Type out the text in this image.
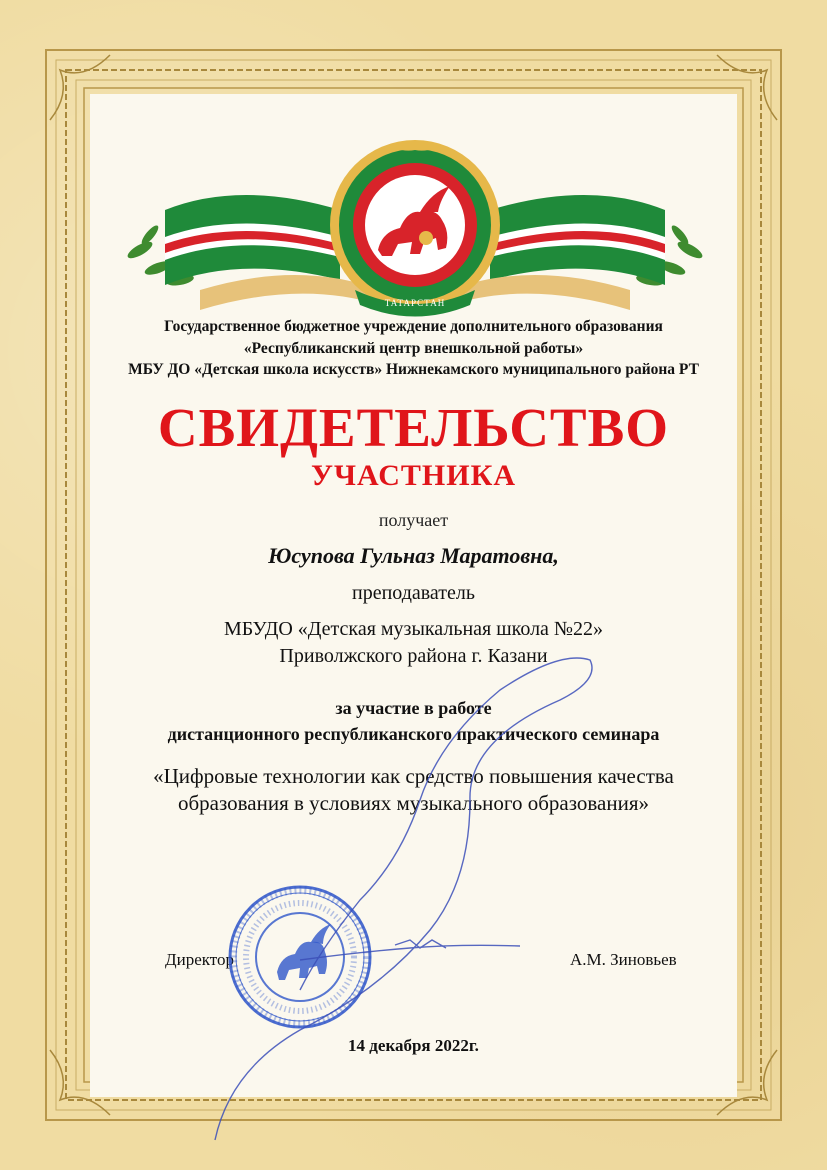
ТАТАРСТАН
Государственное бюджетное учреждение дополнительного образования
«Республиканский центр внешкольной работы»
МБУ ДО «Детская школа искусств» Нижнекамского муниципального района РТ
СВИДЕТЕЛЬСТВО
УЧАСТНИКА
получает
Юсупова Гульназ Маратовна,
преподаватель
МБУДО «Детская музыкальная школа №22»
Приволжского района г. Казани
за участие в работе
дистанционного республиканского практического семинара
«Цифровые технологии как средство повышения качества
образования в условиях музыкального образования»
Директор	А.М. Зиновьев
14 декабря 2022г.
